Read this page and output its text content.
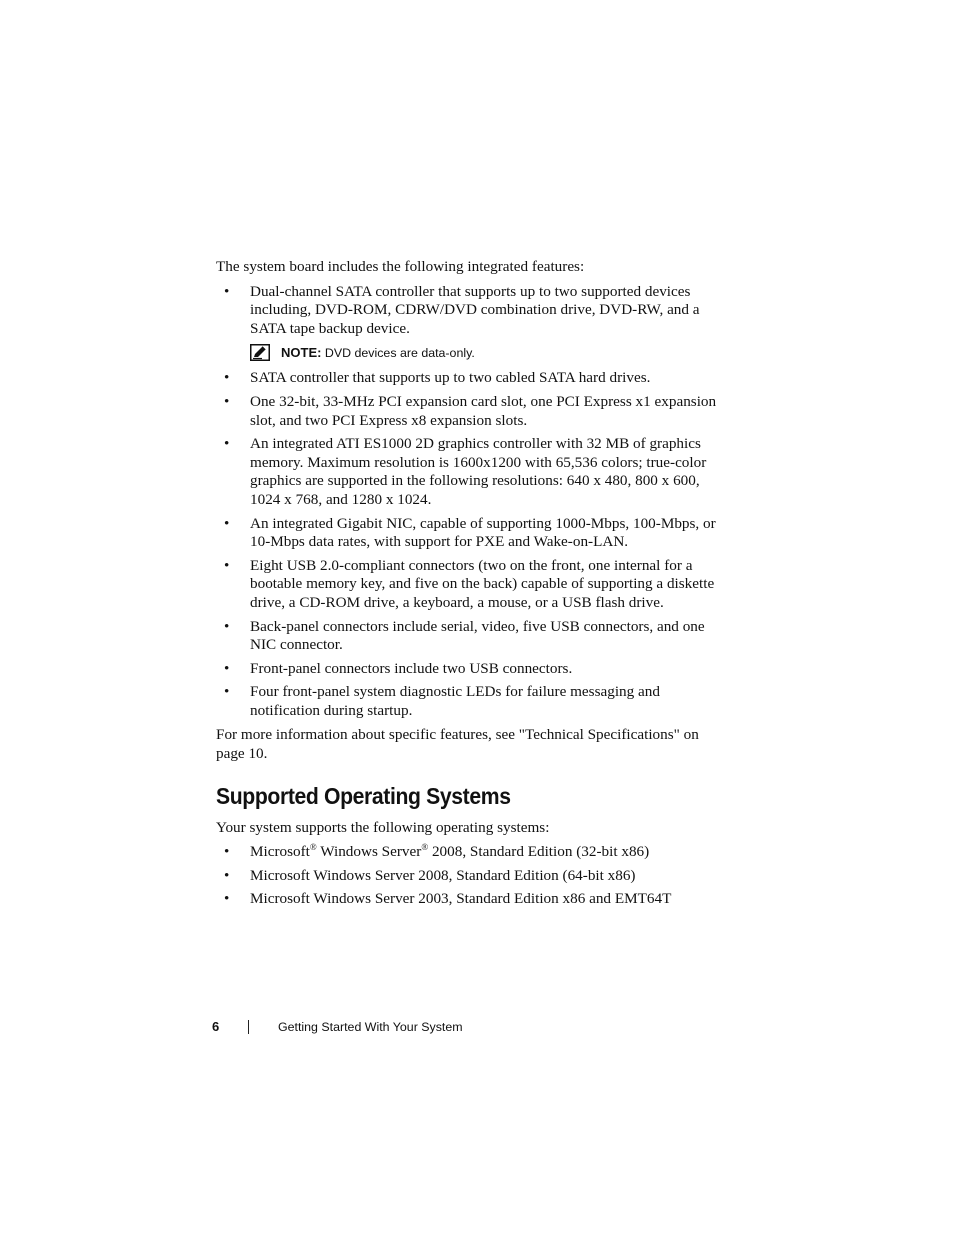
The system board includes the following integrated features:

• Dual-channel SATA controller that supports up to two supported devices including, DVD-ROM, CDRW/DVD combination drive, DVD-RW, and a SATA tape backup device.
NOTE: DVD devices are data-only.
• SATA controller that supports up to two cabled SATA hard drives.
• One 32-bit, 33-MHz PCI expansion card slot, one PCI Express x1 expansion slot, and two PCI Express x8 expansion slots.
• An integrated ATI ES1000 2D graphics controller with 32 MB of graphics memory. Maximum resolution is 1600x1200 with 65,536 colors; true-color graphics are supported in the following resolutions: 640 x 480, 800 x 600, 1024 x 768, and 1280 x 1024.
• An integrated Gigabit NIC, capable of supporting 1000-Mbps, 100-Mbps, or 10-Mbps data rates, with support for PXE and Wake-on-LAN.
• Eight USB 2.0-compliant connectors (two on the front, one internal for a bootable memory key, and five on the back) capable of supporting a diskette drive, a CD-ROM drive, a keyboard, a mouse, or a USB flash drive.
• Back-panel connectors include serial, video, five USB connectors, and one NIC connector.
• Front-panel connectors include two USB connectors.
• Four front-panel system diagnostic LEDs for failure messaging and notification during startup.

For more information about specific features, see "Technical Specifications" on page 10.

Supported Operating Systems

Your system supports the following operating systems:

• Microsoft® Windows Server® 2008, Standard Edition (32-bit x86)
• Microsoft Windows Server 2008, Standard Edition (64-bit x86)
• Microsoft Windows Server 2003, Standard Edition x86 and EMT64T
6	Getting Started With Your System
